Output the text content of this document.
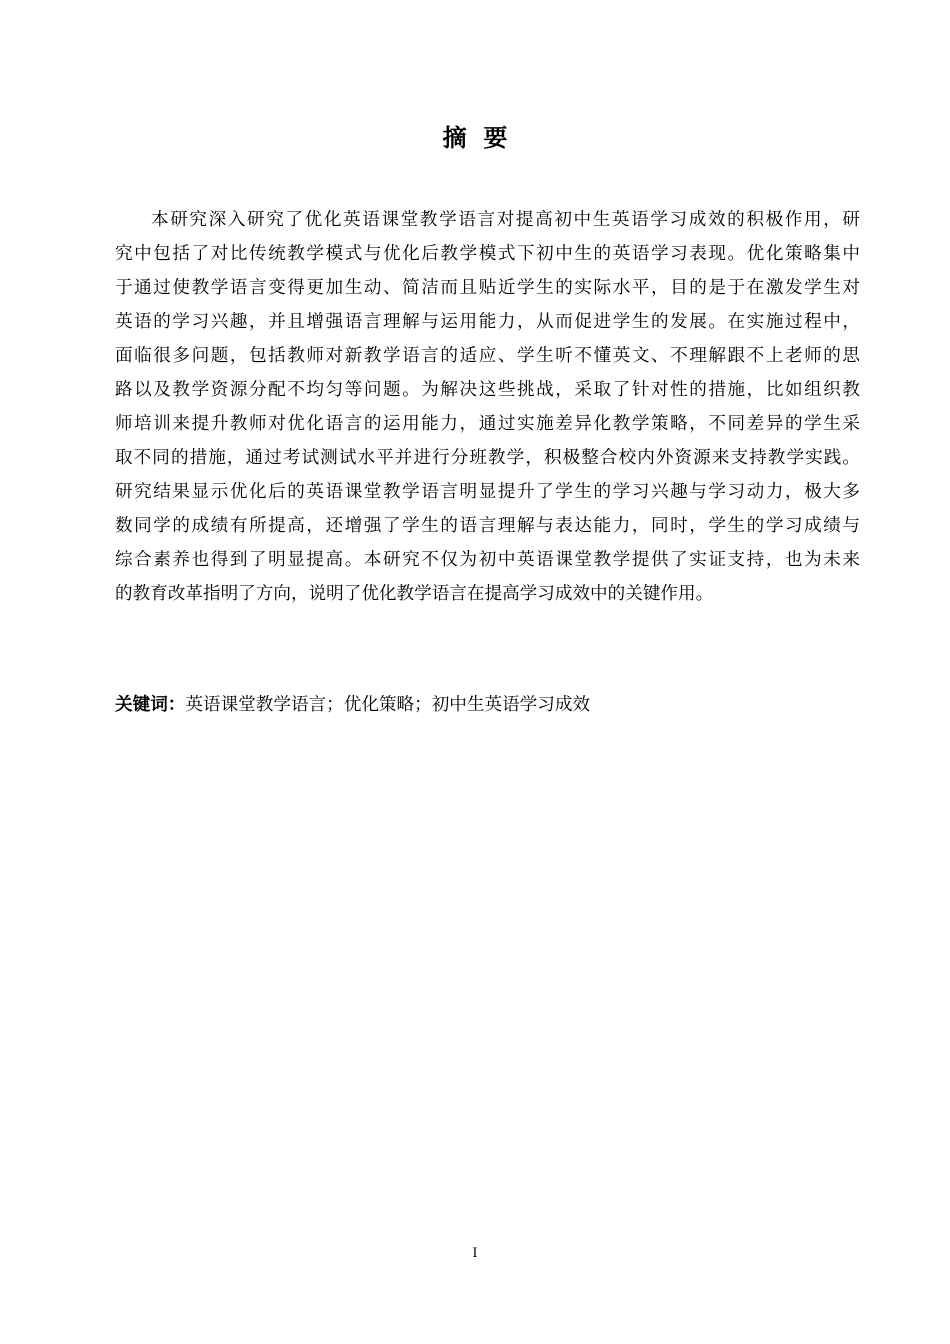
摘  要
本研究深入研究了优化英语课堂教学语言对提高初中生英语学习成效的积极作用，研
究中包括了对比传统教学模式与优化后教学模式下初中生的英语学习表现。优化策略集中
于通过使教学语言变得更加生动、简洁而且贴近学生的实际水平，目的是于在激发学生对
英语的学习兴趣，并且增强语言理解与运用能力，从而促进学生的发展。在实施过程中，
面临很多问题，包括教师对新教学语言的适应、学生听不懂英文、不理解跟不上老师的思
路以及教学资源分配不均匀等问题。为解决这些挑战，采取了针对性的措施，比如组织教
师培训来提升教师对优化语言的运用能力，通过实施差异化教学策略，不同差异的学生采
取不同的措施，通过考试测试水平并进行分班教学，积极整合校内外资源来支持教学实践。
研究结果显示优化后的英语课堂教学语言明显提升了学生的学习兴趣与学习动力，极大多
数同学的成绩有所提高，还增强了学生的语言理解与表达能力，同时，学生的学习成绩与
综合素养也得到了明显提高。本研究不仅为初中英语课堂教学提供了实证支持，也为未来
的教育改革指明了方向，说明了优化教学语言在提高学习成效中的关键作用。
关键词：英语课堂教学语言；优化策略；初中生英语学习成效
I
